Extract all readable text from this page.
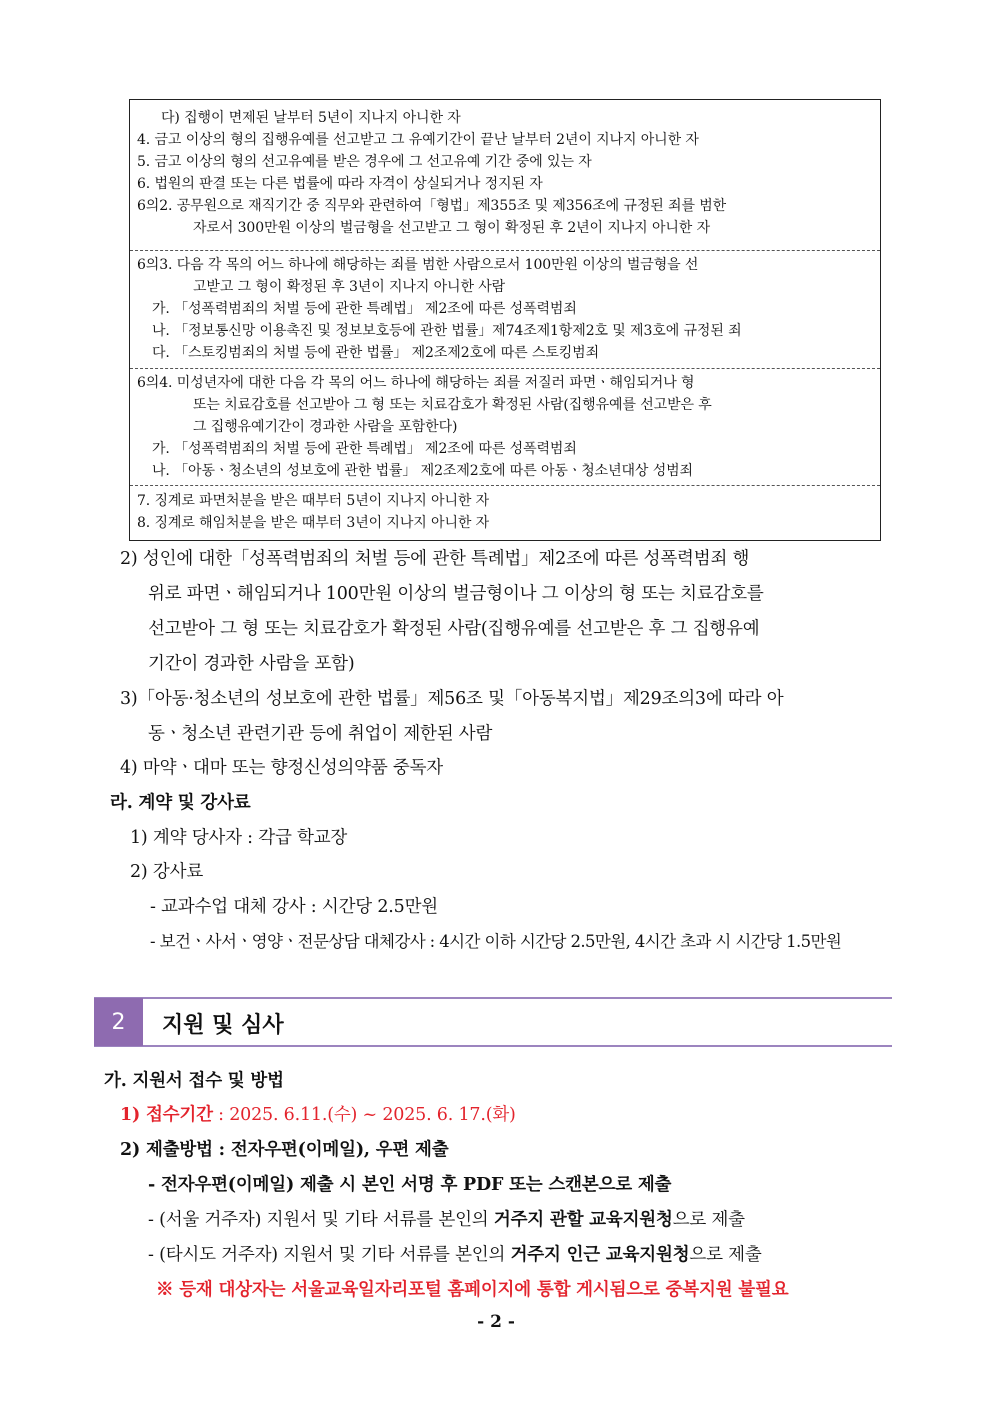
다) 집행이 면제된 날부터 5년이 지나지 아니한 자
4. 금고 이상의 형의 집행유예를 선고받고 그 유예기간이 끝난 날부터 2년이 지나지 아니한 자
5. 금고 이상의 형의 선고유예를 받은 경우에 그 선고유예 기간 중에 있는 자
6. 법원의 판결 또는 다른 법률에 따라 자격이 상실되거나 정지된 자
6의2. 공무원으로 재직기간 중 직무와 관련하여「형법」제355조 및 제356조에 규정된 죄를 범한
자로서 300만원 이상의 벌금형을 선고받고 그 형이 확정된 후 2년이 지나지 아니한 자
6의3. 다음 각 목의 어느 하나에 해당하는 죄를 범한 사람으로서 100만원 이상의 벌금형을 선
고받고 그 형이 확정된 후 3년이 지나지 아니한 사람
가. 「성폭력범죄의 처벌 등에 관한 특례법」 제2조에 따른 성폭력범죄
나. 「정보통신망 이용촉진 및 정보보호등에 관한 법률」제74조제1항제2호 및 제3호에 규정된 죄
다. 「스토킹범죄의 처벌 등에 관한 법률」 제2조제2호에 따른 스토킹범죄
6의4. 미성년자에 대한 다음 각 목의 어느 하나에 해당하는 죄를 저질러 파면ㆍ해임되거나 형
또는 치료감호를 선고받아 그 형 또는 치료감호가 확정된 사람(집행유예를 선고받은 후
그 집행유예기간이 경과한 사람을 포함한다)
가. 「성폭력범죄의 처벌 등에 관한 특례법」 제2조에 따른 성폭력범죄
나. 「아동ㆍ청소년의 성보호에 관한 법률」 제2조제2호에 따른 아동ㆍ청소년대상 성범죄
7. 징계로 파면처분을 받은 때부터 5년이 지나지 아니한 자
8. 징계로 해임처분을 받은 때부터 3년이 지나지 아니한 자
2) 성인에 대한「성폭력범죄의 처벌 등에 관한 특례법」제2조에 따른 성폭력범죄 행
위로 파면ㆍ해임되거나 100만원 이상의 벌금형이나 그 이상의 형 또는 치료감호를
선고받아 그 형 또는 치료감호가 확정된 사람(집행유예를 선고받은 후 그 집행유예
기간이 경과한 사람을 포함)
3)「아동·청소년의 성보호에 관한 법률」제56조 및「아동복지법」제29조의3에 따라 아
동ㆍ청소년 관련기관 등에 취업이 제한된 사람
4) 마약ㆍ대마 또는 향정신성의약품 중독자
라. 계약 및 강사료
1) 계약 당사자 : 각급 학교장
2) 강사료
- 교과수업 대체 강사 : 시간당 2.5만원
- 보건ㆍ사서ㆍ영양ㆍ전문상담 대체강사 : 4시간 이하 시간당 2.5만원, 4시간 초과 시 시간당 1.5만원
2	지원 및 심사
가. 지원서 접수 및 방법
1) 접수기간 : 2025. 6.11.(수) ~ 2025. 6. 17.(화)
2) 제출방법 : 전자우편(이메일), 우편 제출
- 전자우편(이메일) 제출 시 본인 서명 후 PDF 또는 스캔본으로 제출
- (서울 거주자) 지원서 및 기타 서류를 본인의 거주지 관할 교육지원청으로 제출
- (타시도 거주자) 지원서 및 기타 서류를 본인의 거주지 인근 교육지원청으로 제출
※ 등재 대상자는 서울교육일자리포털 홈페이지에 통합 게시됨으로 중복지원 불필요
- 2 -
